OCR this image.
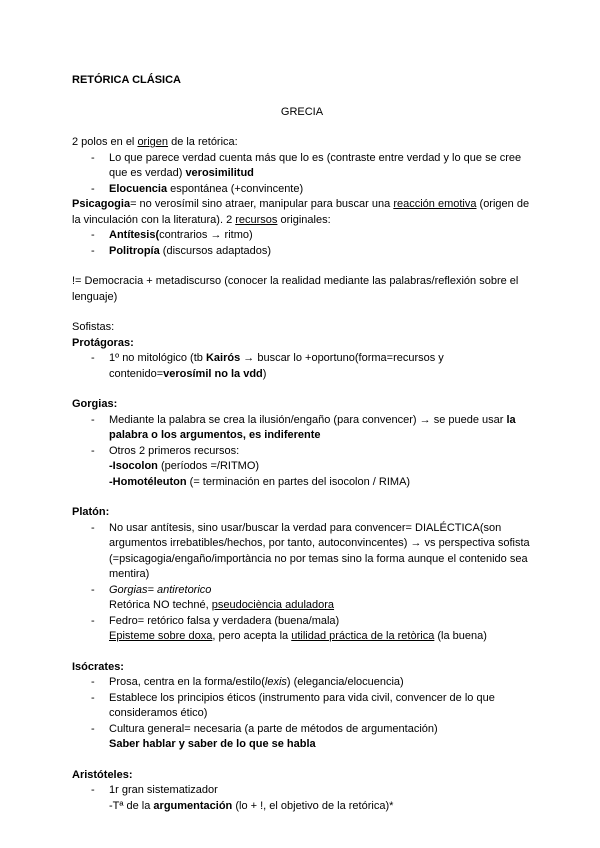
RETÓRICA CLÁSICA

GRECIA

2 polos en el origen de la retórica:

- Lo que parece verdad cuenta más que lo es (contraste entre verdad y lo que se cree que es verdad) verosimilitud
- Elocuencia espontánea (+convincente)

Psicagogia= no verosímil sino atraer, manipular para buscar una reacción emotiva (origen de la vinculación con la literatura). 2 recursos originales:

- Antítesis(contrarios → ritmo)
- Politropía (discursos adaptados)

!= Democracia + metadiscurso (conocer la realidad mediante las palabras/reflexión sobre el lenguaje)

Sofistas:

Protágoras:

- 1º no mitológico (tb Kairós → buscar lo +oportuno(forma=recursos y contenido=verosímil no la vdd)

Gorgias:

- Mediante la palabra se crea la ilusión/engaño (para convencer) → se puede usar la palabra o los argumentos, es indiferente
- Otros 2 primeros recursos:
-Isocolon (períodos =/RITMO)
-Homotéleuton (= terminación en partes del isocolon / RIMA)

Platón:

- No usar antítesis, sino usar/buscar la verdad para convencer= DIALÉCTICA(son argumentos irrebatibles/hechos, por tanto, autoconvincentes) → vs perspectiva sofista (=psicagogia/engaño/importància no por temas sino la forma aunque el contenido sea mentira)
- Gorgias= antiretorico
Retórica NO techné, pseudociència aduladora
- Fedro= retórico falsa y verdadera (buena/mala)
Episteme sobre doxa, pero acepta la utilidad práctica de la retòrica (la buena)

Isócrates:

- Prosa, centra en la forma/estilo(lexis) (elegancia/elocuencia)
- Establece los principios éticos (instrumento para vida civil, convencer de lo que consideramos ético)
- Cultura general= necesaria (a parte de métodos de argumentación)
Saber hablar y saber de lo que se habla

Aristóteles:

- 1r gran sistematizador
-Tª de la argumentación (lo + !, el objetivo de la retórica)*
